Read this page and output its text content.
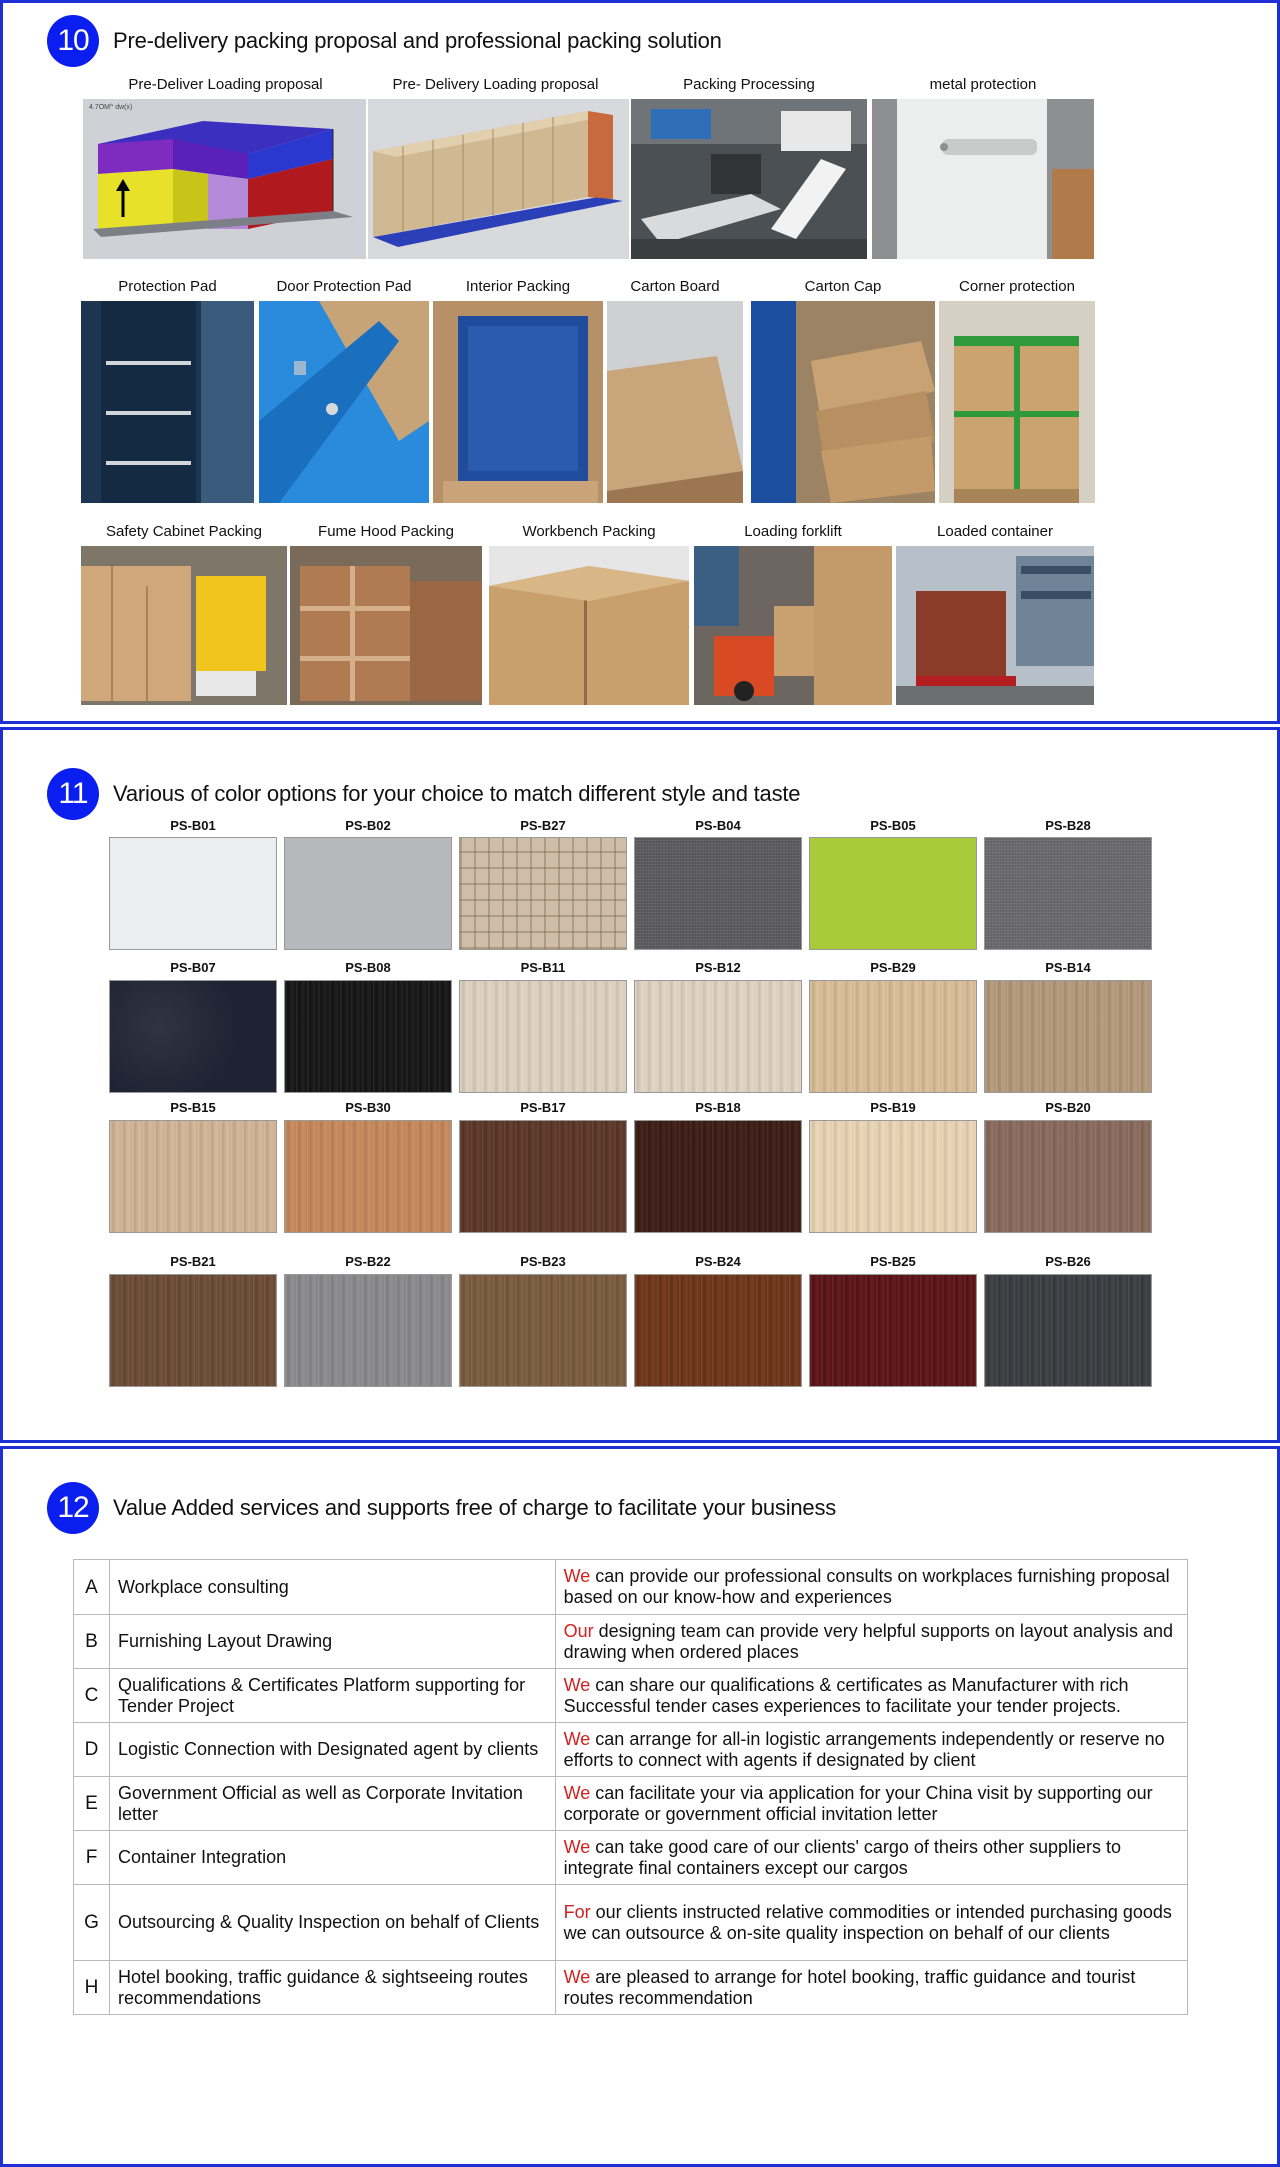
10	Pre-delivery packing proposal and professional packing solution
Pre-Deliver Loading proposal	Pre- Delivery Loading proposal	Packing Processing	metal protection
4.7OM^ dw(x)
Protection Pad	Door Protection Pad	Interior Packing	Carton Board	Carton Cap	Corner protection
Safety Cabinet Packing	Fume Hood Packing	Workbench Packing	Loading forklift	Loaded container
11	Various of color options for your choice to match different style and taste
PS-B01	PS-B02	PS-B27	PS-B04	PS-B05	PS-B28
PS-B07	PS-B08	PS-B11	PS-B12	PS-B29	PS-B14
PS-B15	PS-B30	PS-B17	PS-B18	PS-B19	PS-B20
PS-B21	PS-B22	PS-B23	PS-B24	PS-B25	PS-B26
12	Value Added services and supports free of charge to facilitate your business
A	Workplace consulting	We can provide our professional consults on workplaces furnishing proposal based on our know-how and experiences
B	Furnishing Layout Drawing	Our designing team can provide very helpful supports on layout analysis and drawing when ordered places
C	Qualifications & Certificates Platform supporting for Tender Project	We can share our qualifications & certificates as Manufacturer with rich Successful tender cases experiences to facilitate your tender projects.
D	Logistic Connection with Designated agent by clients	We can arrange for all-in logistic arrangements independently or reserve no efforts to connect with agents if designated by client
E	Government Official as well as Corporate Invitation letter	We can facilitate your via application for your China visit by supporting our corporate or government official invitation letter
F	Container Integration	We can take good care of our clients' cargo of theirs other suppliers to integrate final containers except our cargos
G	Outsourcing & Quality Inspection on behalf of Clients	For our clients instructed relative commodities or intended purchasing goods we can outsource & on-site quality inspection on behalf of our clients
H	Hotel booking, traffic guidance & sightseeing routes recommendations	We are pleased to arrange for hotel booking, traffic guidance and tourist routes recommendation
